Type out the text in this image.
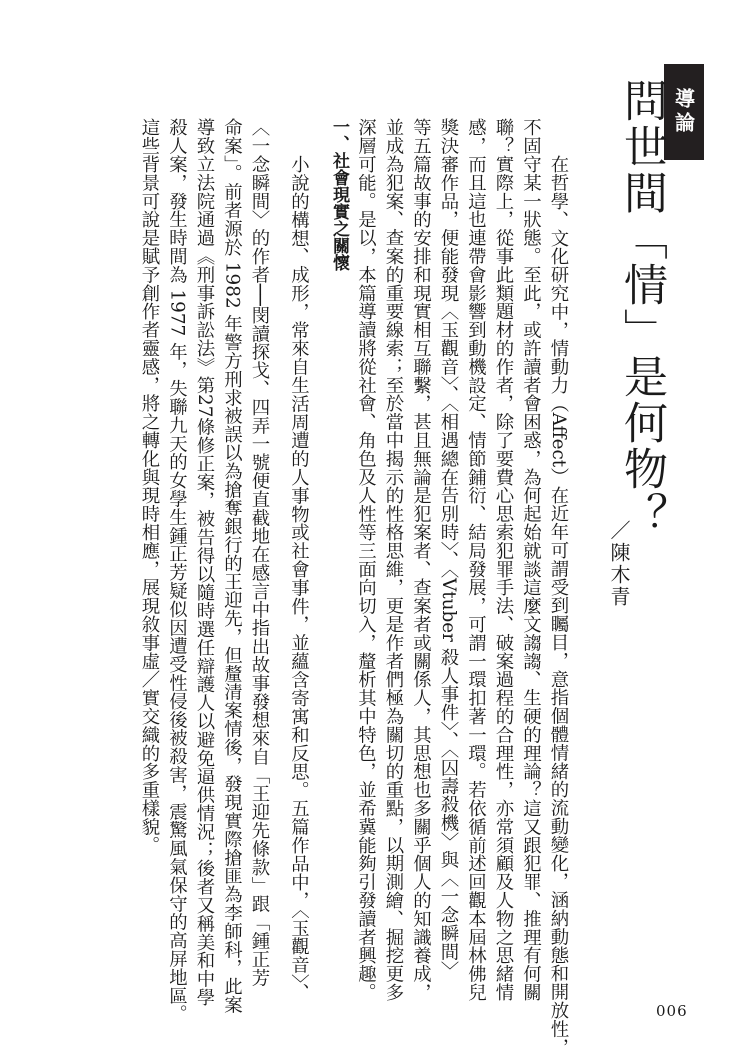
導論
問世間「情」是何物？
／陳木青

在哲學、文化研究中，情動力（Affect）在近年可謂受到矚目，意指個體情緒的流動變化，涵納動態和開放性，

不固守某一狀態。至此，或許讀者會困惑，為何起始就談這麼文謅謅、生硬的理論？這又跟犯罪、推理有何關

聯？實際上，從事此類題材的作者，除了要費心思索犯罪手法、破案過程的合理性，亦常須顧及人物之思緒情

感，而且這也連帶會影響到動機設定、情節鋪衍、結局發展，可謂一環扣著一環。若依循前述回觀本屆林佛兒

獎決審作品，便能發現〈玉觀音〉、〈相遇總在告別時〉、〈Vtuber 殺人事件〉、〈囚壽殺機〉與〈一念瞬間〉

等五篇故事的安排和現實相互聯繫，甚且無論是犯案者、查案者或關係人，其思想也多關乎個人的知識養成，

並成為犯案、查案的重要線索；至於當中揭示的性格思維，更是作者們極為關切的重點，以期測繪、掘挖更多

深層可能。是以，本篇導讀將從社會、角色及人性等三面向切入，釐析其中特色，並希冀能夠引發讀者興趣。

一、社會現實之關懷

小說的構想、成形，常來自生活周遭的人事物或社會事件，並蘊含寄寓和反思。五篇作品中，〈玉觀音〉、

〈一念瞬間〉的作者──閔讀探戈、四弄一號便直截地在感言中指出故事發想來自「王迎先條款」跟「鍾正芳

命案」。前者源於 1982 年警方刑求被誤以為搶奪銀行的王迎先，但釐清案情後，發現實際搶匪為李師科，此案

導致立法院通過《刑事訴訟法》第27條修正案，被告得以隨時選任辯護人以避免逼供情況；後者又稱美和中學

殺人案，發生時間為 1977 年，失聯九天的女學生鍾正芳疑似因遭受性侵後被殺害，震驚風氣保守的高屏地區。

這些背景可說是賦予創作者靈感，將之轉化與現時相應，展現敘事虛／實交織的多重樣貌。

006
